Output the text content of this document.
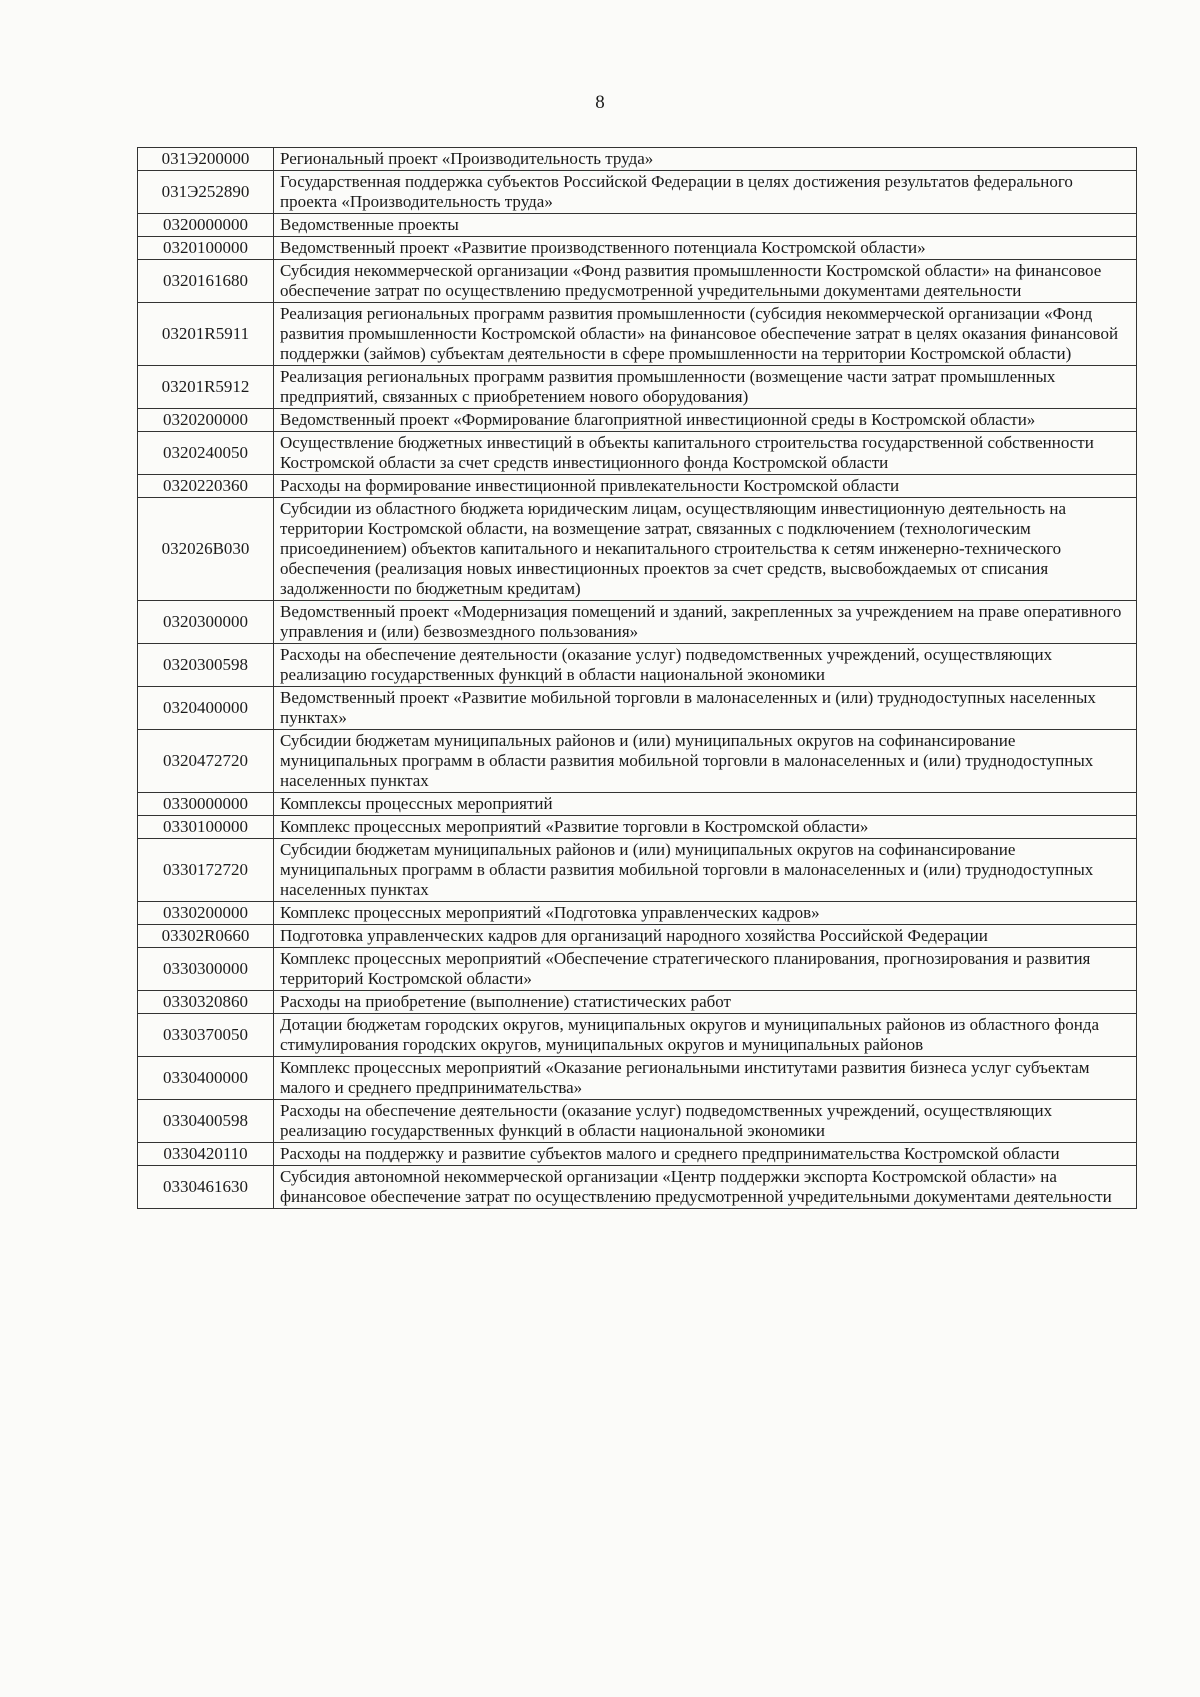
8
031Э200000	Региональный проект «Производительность труда»
031Э252890	Государственная поддержка субъектов Российской Федерации в целях достижения результатов федерального проекта «Производительность труда»
0320000000	Ведомственные проекты
0320100000	Ведомственный проект «Развитие производственного потенциала Костромской области»
0320161680	Субсидия некоммерческой организации «Фонд развития промышленности Костромской области» на финансовое обеспечение затрат по осуществлению предусмотренной учредительными документами деятельности
03201R5911	Реализация региональных программ развития промышленности (субсидия некоммерческой организации «Фонд развития промышленности Костромской области» на финансовое обеспечение затрат в целях оказания финансовой поддержки (займов) субъектам деятельности в сфере промышленности на территории Костромской области)
03201R5912	Реализация региональных программ развития промышленности (возмещение части затрат промышленных предприятий, связанных с приобретением нового оборудования)
0320200000	Ведомственный проект «Формирование благоприятной инвестиционной среды в Костромской области»
0320240050	Осуществление бюджетных инвестиций в объекты капитального строительства государственной собственности Костромской области за счет средств инвестиционного фонда Костромской области
0320220360	Расходы на формирование инвестиционной привлекательности Костромской области
032026B030	Субсидии из областного бюджета юридическим лицам, осуществляющим инвестиционную деятельность на территории Костромской области, на возмещение затрат, связанных с подключением (технологическим присоединением) объектов капитального и некапитального строительства к сетям инженерно-технического обеспечения (реализация новых инвестиционных проектов за счет средств, высвобождаемых от списания задолженности по бюджетным кредитам)
0320300000	Ведомственный проект «Модернизация помещений и зданий, закрепленных за учреждением на праве оперативного управления и (или) безвозмездного пользования»
0320300598	Расходы на обеспечение деятельности (оказание услуг) подведомственных учреждений, осуществляющих реализацию государственных функций в области национальной экономики
0320400000	Ведомственный проект «Развитие мобильной торговли в малонаселенных и (или) труднодоступных населенных пунктах»
0320472720	Субсидии бюджетам муниципальных районов и (или) муниципальных округов на софинансирование муниципальных программ в области развития мобильной торговли в малонаселенных и (или) труднодоступных населенных пунктах
0330000000	Комплексы процессных мероприятий
0330100000	Комплекс процессных мероприятий «Развитие торговли в Костромской области»
0330172720	Субсидии бюджетам муниципальных районов и (или) муниципальных округов на софинансирование муниципальных программ в области развития мобильной торговли в малонаселенных и (или) труднодоступных населенных пунктах
0330200000	Комплекс процессных мероприятий «Подготовка управленческих кадров»
03302R0660	Подготовка управленческих кадров для организаций народного хозяйства Российской Федерации
0330300000	Комплекс процессных мероприятий «Обеспечение стратегического планирования, прогнозирования и развития территорий Костромской области»
0330320860	Расходы на приобретение (выполнение) статистических работ
0330370050	Дотации бюджетам городских округов, муниципальных округов и муниципальных районов из областного фонда стимулирования городских округов, муниципальных округов и муниципальных районов
0330400000	Комплекс процессных мероприятий «Оказание региональными институтами развития бизнеса услуг субъектам малого и среднего предпринимательства»
0330400598	Расходы на обеспечение деятельности (оказание услуг) подведомственных учреждений, осуществляющих реализацию государственных функций в области национальной экономики
0330420110	Расходы на поддержку и развитие субъектов малого и среднего предпринимательства Костромской области
0330461630	Субсидия автономной некоммерческой организации «Центр поддержки экспорта Костромской области» на финансовое обеспечение затрат по осуществлению предусмотренной учредительными документами деятельности
